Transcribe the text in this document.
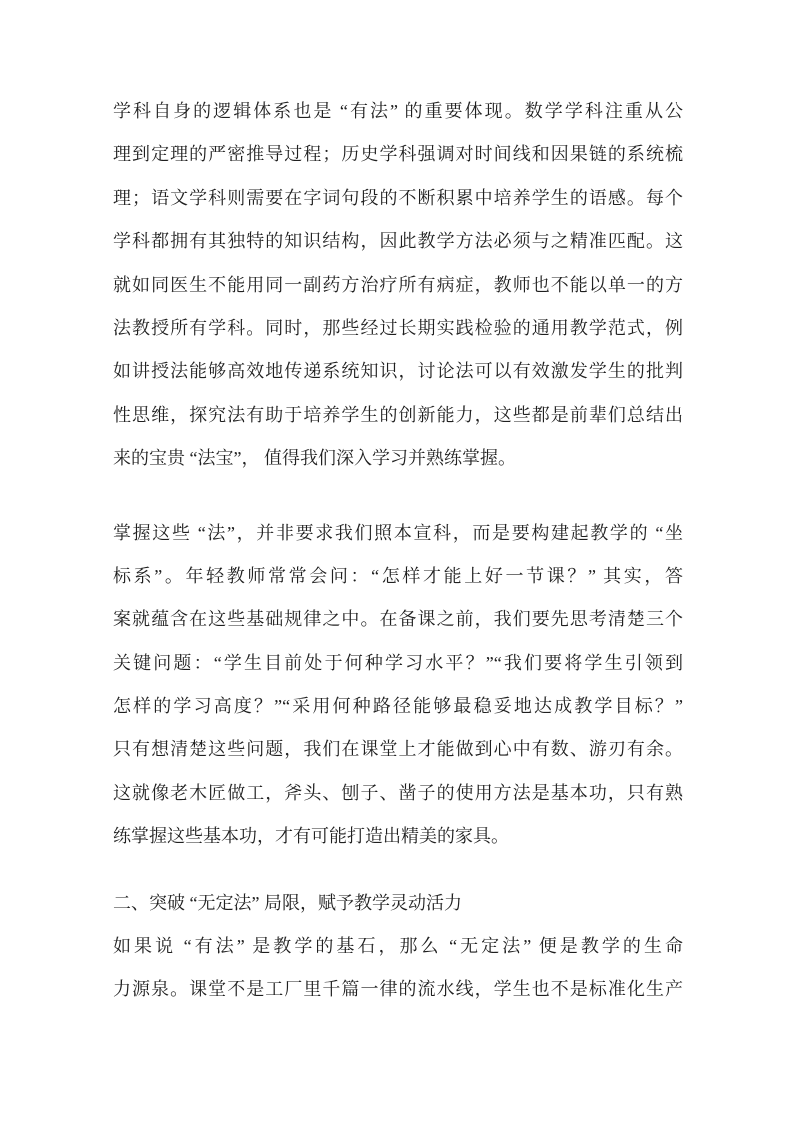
学科自身的逻辑体系也是 “有法” 的重要体现。数学学科注重从公
理到定理的严密推导过程；历史学科强调对时间线和因果链的系统梳
理；语文学科则需要在字词句段的不断积累中培养学生的语感。每个
学科都拥有其独特的知识结构，因此教学方法必须与之精准匹配。这
就如同医生不能用同一副药方治疗所有病症，教师也不能以单一的方
法教授所有学科。同时，那些经过长期实践检验的通用教学范式，例
如讲授法能够高效地传递系统知识，讨论法可以有效激发学生的批判
性思维，探究法有助于培养学生的创新能力，这些都是前辈们总结出
来的宝贵 “法宝”， 值得我们深入学习并熟练掌握。
掌握这些 “法”，并非要求我们照本宣科，而是要构建起教学的 “坐
标系”。年轻教师常常会问：“怎样才能上好一节课？” 其实，答
案就蕴含在这些基础规律之中。在备课之前，我们要先思考清楚三个
关键问题：“学生目前处于何种学习水平？”“我们要将学生引领到
怎样的学习高度？”“采用何种路径能够最稳妥地达成教学目标？”
只有想清楚这些问题，我们在课堂上才能做到心中有数、游刃有余。
这就像老木匠做工，斧头、刨子、凿子的使用方法是基本功，只有熟
练掌握这些基本功，才有可能打造出精美的家具。
二、突破 “无定法” 局限，赋予教学灵动活力
如果说 “有法” 是教学的基石，那么 “无定法” 便是教学的生命
力源泉。课堂不是工厂里千篇一律的流水线，学生也不是标准化生产
